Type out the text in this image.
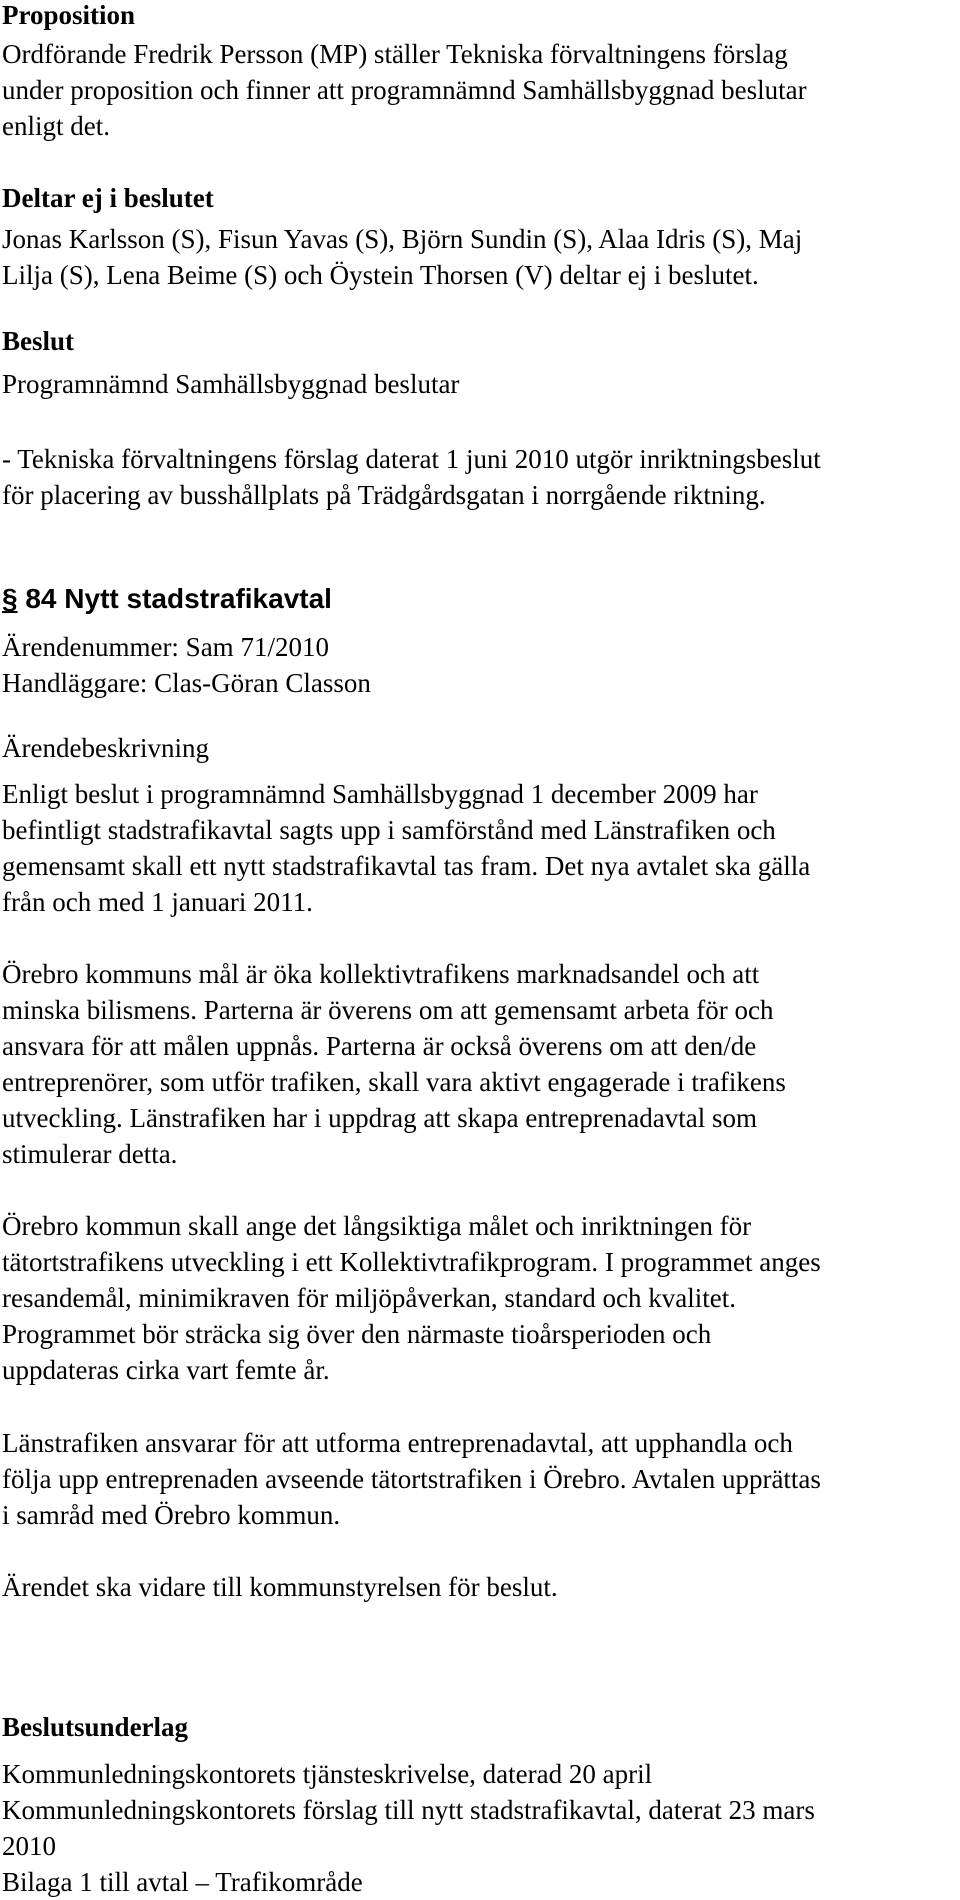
Proposition
Ordförande Fredrik Persson (MP) ställer Tekniska förvaltningens förslag
under proposition och finner att programnämnd Samhällsbyggnad beslutar
enligt det.
Deltar ej i beslutet
Jonas Karlsson (S), Fisun Yavas (S), Björn Sundin (S), Alaa Idris (S), Maj
Lilja (S), Lena Beime (S) och Öystein Thorsen (V) deltar ej i beslutet.
Beslut
Programnämnd Samhällsbyggnad beslutar
- Tekniska förvaltningens förslag daterat 1 juni 2010 utgör inriktningsbeslut
för placering av busshållplats på Trädgårdsgatan i norrgående riktning.
§ 84 Nytt stadstrafikavtal
Ärendenummer: Sam 71/2010
Handläggare: Clas-Göran Classon
Ärendebeskrivning
Enligt beslut i programnämnd Samhällsbyggnad 1 december 2009 har
befintligt stadstrafikavtal sagts upp i samförstånd med Länstrafiken och
gemensamt skall ett nytt stadstrafikavtal tas fram. Det nya avtalet ska gälla
från och med 1 januari 2011.
Örebro kommuns mål är öka kollektivtrafikens marknadsandel och att
minska bilismens. Parterna är överens om att gemensamt arbeta för och
ansvara för att målen uppnås. Parterna är också överens om att den/de
entreprenörer, som utför trafiken, skall vara aktivt engagerade i trafikens
utveckling. Länstrafiken har i uppdrag att skapa entreprenadavtal som
stimulerar detta.
Örebro kommun skall ange det långsiktiga målet och inriktningen för
tätortstrafikens utveckling i ett Kollektivtrafikprogram. I programmet anges
resandemål, minimikraven för miljöpåverkan, standard och kvalitet.
Programmet bör sträcka sig över den närmaste tioårsperioden och
uppdateras cirka vart femte år.
Länstrafiken ansvarar för att utforma entreprenadavtal, att upphandla och
följa upp entreprenaden avseende tätortstrafiken i Örebro. Avtalen upprättas
i samråd med Örebro kommun.
Ärendet ska vidare till kommunstyrelsen för beslut.
Beslutsunderlag
Kommunledningskontorets tjänsteskrivelse, daterad 20 april
Kommunledningskontorets förslag till nytt stadstrafikavtal, daterat 23 mars
2010
Bilaga 1 till avtal – Trafikområde
